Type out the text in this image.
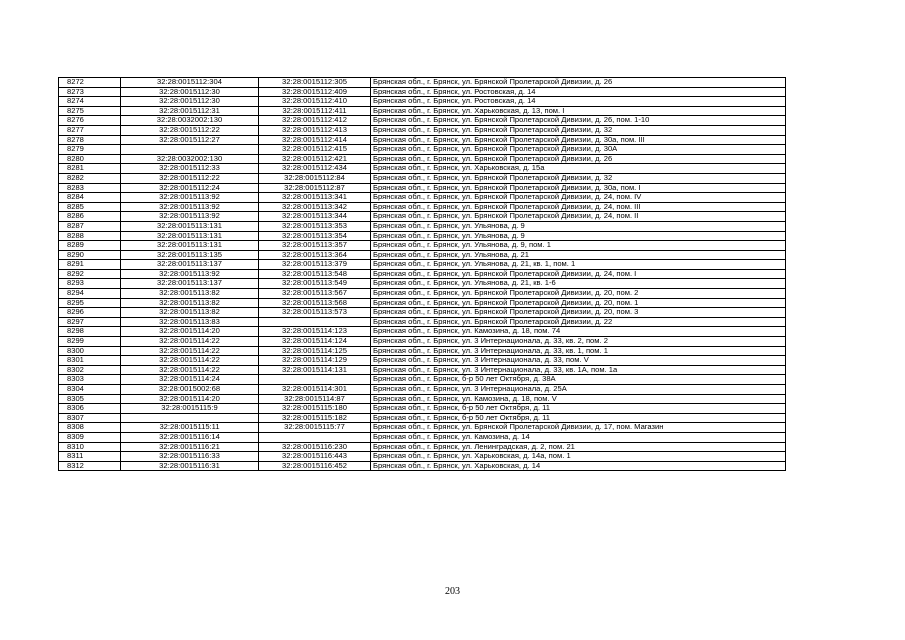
8272	32:28:0015112:304	32:28:0015112:305	Брянская обл., г. Брянск, ул. Брянской Пролетарской Дивизии, д. 26
8273	32:28:0015112:30	32:28:0015112:409	Брянская обл., г. Брянск, ул. Ростовская, д. 14
8274	32:28:0015112:30	32:28:0015112:410	Брянская обл., г. Брянск, ул. Ростовская, д. 14
8275	32:28:0015112:31	32:28:0015112:411	Брянская обл., г. Брянск, ул. Харьковская, д. 13, пом. I
8276	32:28:0032002:130	32:28:0015112:412	Брянская обл., г. Брянск, ул. Брянской Пролетарской Дивизии, д. 26, пом. 1-10
8277	32:28:0015112:22	32:28:0015112:413	Брянская обл., г. Брянск, ул. Брянской Пролетарской Дивизии, д. 32
8278	32:28:0015112:27	32:28:0015112:414	Брянская обл., г. Брянск, ул. Брянской Пролетарской Дивизии, д. 30а, пом. III
8279		32:28:0015112:415	Брянская обл., г. Брянск, ул. Брянской Пролетарской Дивизии, д. 30А
8280	32:28:0032002:130	32:28:0015112:421	Брянская обл., г. Брянск, ул. Брянской Пролетарской Дивизии, д. 26
8281	32:28:0015112:33	32:28:0015112:434	Брянская обл., г. Брянск, ул. Харьковская, д. 15а
8282	32:28:0015112:22	32:28:0015112:84	Брянская обл., г. Брянск, ул. Брянской Пролетарской Дивизии, д. 32
8283	32:28:0015112:24	32:28:0015112:87	Брянская обл., г. Брянск, ул. Брянской Пролетарской Дивизии, д. 30а, пом. I
8284	32:28:0015113:92	32:28:0015113:341	Брянская обл., г. Брянск, ул. Брянской Пролетарской Дивизии, д. 24, пом. IV
8285	32:28:0015113:92	32:28:0015113:342	Брянская обл., г. Брянск, ул. Брянской Пролетарской Дивизии, д. 24, пом. III
8286	32:28:0015113:92	32:28:0015113:344	Брянская обл., г. Брянск, ул. Брянской Пролетарской Дивизии, д. 24, пом. II
8287	32:28:0015113:131	32:28:0015113:353	Брянская обл., г. Брянск, ул. Ульянова, д. 9
8288	32:28:0015113:131	32:28:0015113:354	Брянская обл., г. Брянск, ул. Ульянова, д. 9
8289	32:28:0015113:131	32:28:0015113:357	Брянская обл., г. Брянск, ул. Ульянова, д. 9, пом. 1
8290	32:28:0015113:135	32:28:0015113:364	Брянская обл., г. Брянск, ул. Ульянова, д. 21
8291	32:28:0015113:137	32:28:0015113:379	Брянская обл., г. Брянск, ул. Ульянова, д. 21, кв. 1, пом. 1
8292	32:28:0015113:92	32:28:0015113:548	Брянская обл., г. Брянск, ул. Брянской Пролетарской Дивизии, д. 24, пом. I
8293	32:28:0015113:137	32:28:0015113:549	Брянская обл., г. Брянск, ул. Ульянова, д. 21, кв. 1-6
8294	32:28:0015113:82	32:28:0015113:567	Брянская обл., г. Брянск, ул. Брянской Пролетарской Дивизии, д. 20, пом. 2
8295	32:28:0015113:82	32:28:0015113:568	Брянская обл., г. Брянск, ул. Брянской Пролетарской Дивизии, д. 20, пом. 1
8296	32:28:0015113:82	32:28:0015113:573	Брянская обл., г. Брянск, ул. Брянской Пролетарской Дивизии, д. 20, пом. 3
8297	32:28:0015113:83		Брянская обл., г. Брянск, ул. Брянской Пролетарской Дивизии, д. 22
8298	32:28:0015114:20	32:28:0015114:123	Брянская обл., г. Брянск, ул. Камозина, д. 18, пом. 74
8299	32:28:0015114:22	32:28:0015114:124	Брянская обл., г. Брянск, ул. 3 Интернационала, д. 33, кв. 2, пом. 2
8300	32:28:0015114:22	32:28:0015114:125	Брянская обл., г. Брянск, ул. 3 Интернационала, д. 33, кв. 1, пом. 1
8301	32:28:0015114:22	32:28:0015114:129	Брянская обл., г. Брянск, ул. 3 Интернационала, д. 33, пом. V
8302	32:28:0015114:22	32:28:0015114:131	Брянская обл., г. Брянск, ул. 3 Интернационала, д. 33, кв. 1А, пом. 1а
8303	32:28:0015114:24		Брянская обл., г. Брянск, б-р 50 лет Октября, д. 38А
8304	32:28:0015002:68	32:28:0015114:301	Брянская обл., г. Брянск, ул. 3 Интернационала, д. 25А
8305	32:28:0015114:20	32:28:0015114:87	Брянская обл., г. Брянск, ул. Камозина, д. 18, пом. V
8306	32:28:0015115:9	32:28:0015115:180	Брянская обл., г. Брянск, б-р 50 лет Октября, д. 11
8307		32:28:0015115:182	Брянская обл., г. Брянск, б-р 50 лет Октября, д. 11
8308	32:28:0015115:11	32:28:0015115:77	Брянская обл., г. Брянск, ул. Брянской Пролетарской Дивизии, д. 17, пом. Магазин
8309	32:28:0015116:14		Брянская обл., г. Брянск, ул. Камозина, д. 14
8310	32:28:0015116:21	32:28:0015116:230	Брянская обл., г. Брянск, ул. Ленинградская, д. 2, пом. 21
8311	32:28:0015116:33	32:28:0015116:443	Брянская обл., г. Брянск, ул. Харьковская, д. 14а, пом. 1
8312	32:28:0015116:31	32:28:0015116:452	Брянская обл., г. Брянск, ул. Харьковская, д. 14
203
